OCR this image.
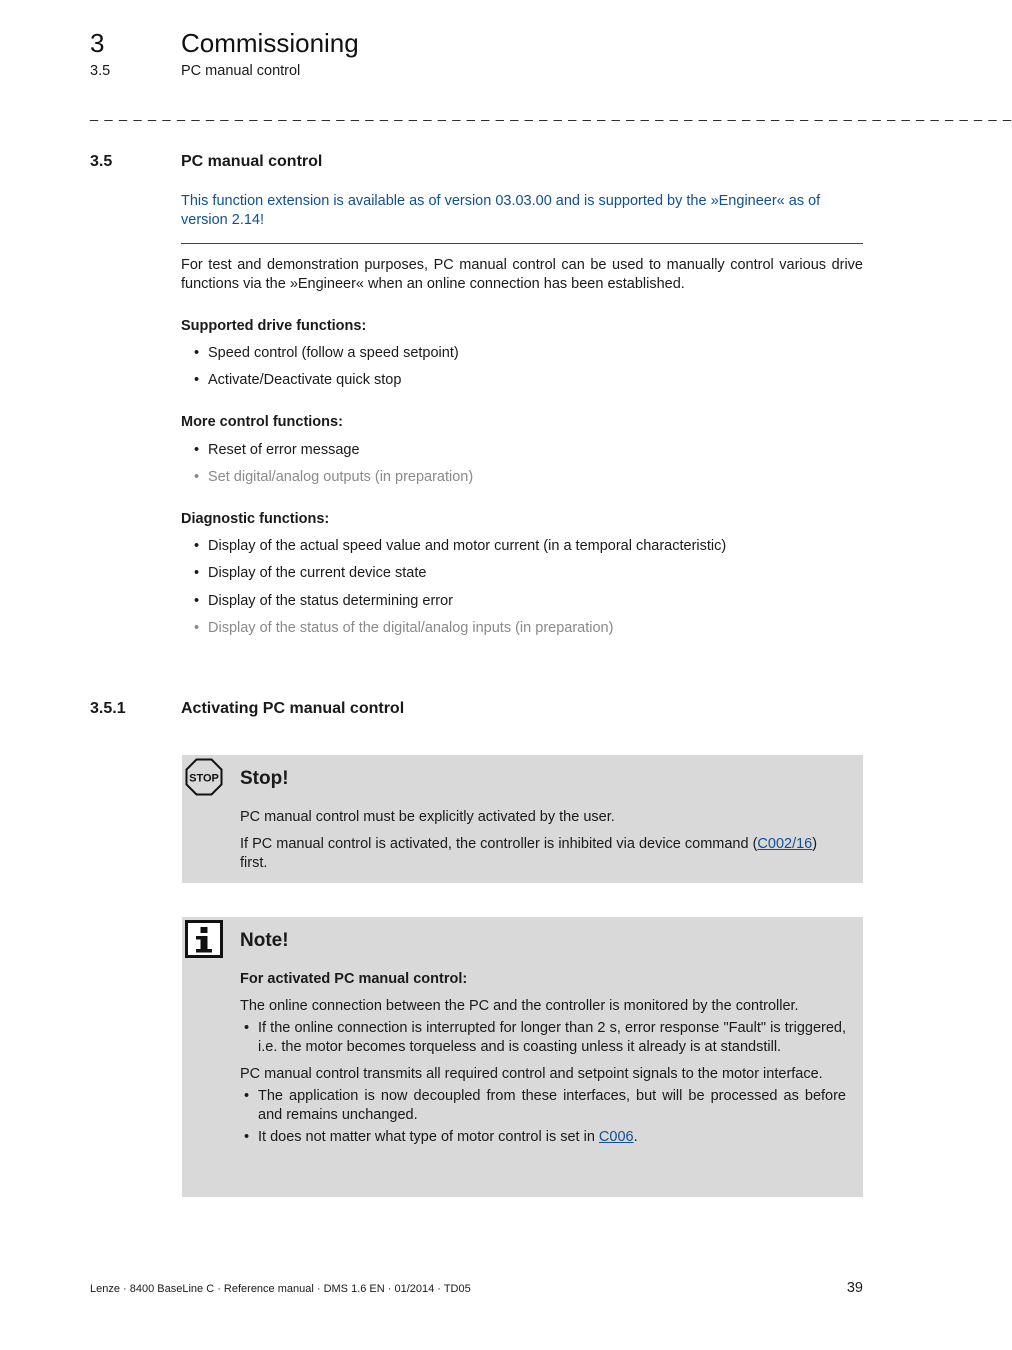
3	Commissioning
3.5	PC manual control
_ _ _ _ _ _ _ _ _ _ _ _ _ _ _ _ _ _ _ _ _ _ _ _ _ _ _ _ _ _ _ _ _ _ _ _ _ _ _ _ _ _ _ _ _ _ _ _ _ _ _ _ _ _ _ _ _ _ _ _ _ _ _ _
3.5	PC manual control
This function extension is available as of version 03.03.00 and is supported by the »Engineer« as of version 2.14!
For test and demonstration purposes, PC manual control can be used to manually control various drive functions via the »Engineer« when an online connection has been established.
Supported drive functions:
• Speed control (follow a speed setpoint)
• Activate/Deactivate quick stop
More control functions:
• Reset of error message
• Set digital/analog outputs (in preparation)
Diagnostic functions:
• Display of the actual speed value and motor current (in a temporal characteristic)
• Display of the current device state
• Display of the status determining error
• Display of the status of the digital/analog inputs (in preparation)
3.5.1	Activating PC manual control
STOP Stop!

PC manual control must be explicitly activated by the user.

If PC manual control is activated, the controller is inhibited via device command (C002/16) first.

Note!

For activated PC manual control:

The online connection between the PC and the controller is monitored by the controller.

• If the online connection is interrupted for longer than 2 s, error response "Fault" is triggered, i.e. the motor becomes torqueless and is coasting unless it already is at standstill.

PC manual control transmits all required control and setpoint signals to the motor interface.

• The application is now decoupled from these interfaces, but will be processed as before and remains unchanged.
• It does not matter what type of motor control is set in C006.
Lenze · 8400 BaseLine C · Reference manual · DMS 1.6 EN · 01/2014 · TD05	39
